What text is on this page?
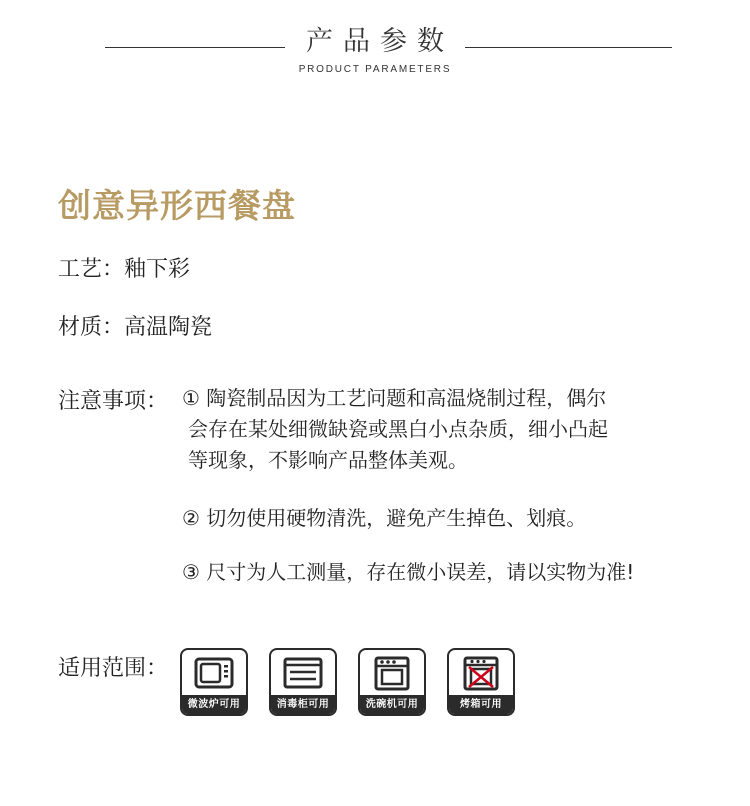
产品参数
PRODUCT PARAMETERS
创意异形西餐盘
工艺：釉下彩
材质：高温陶瓷
注意事项： ① 陶瓷制品因为工艺问题和高温烧制过程，偶尔
会存在某处细微缺瓷或黑白小点杂质，细小凸起
等现象，不影响产品整体美观。
② 切勿使用硬物清洗，避免产生掉色、划痕。
③ 尺寸为人工测量，存在微小误差，请以实物为准!
适用范围：
微波炉可用	消毒柜可用	洗碗机可用	烤箱可用
